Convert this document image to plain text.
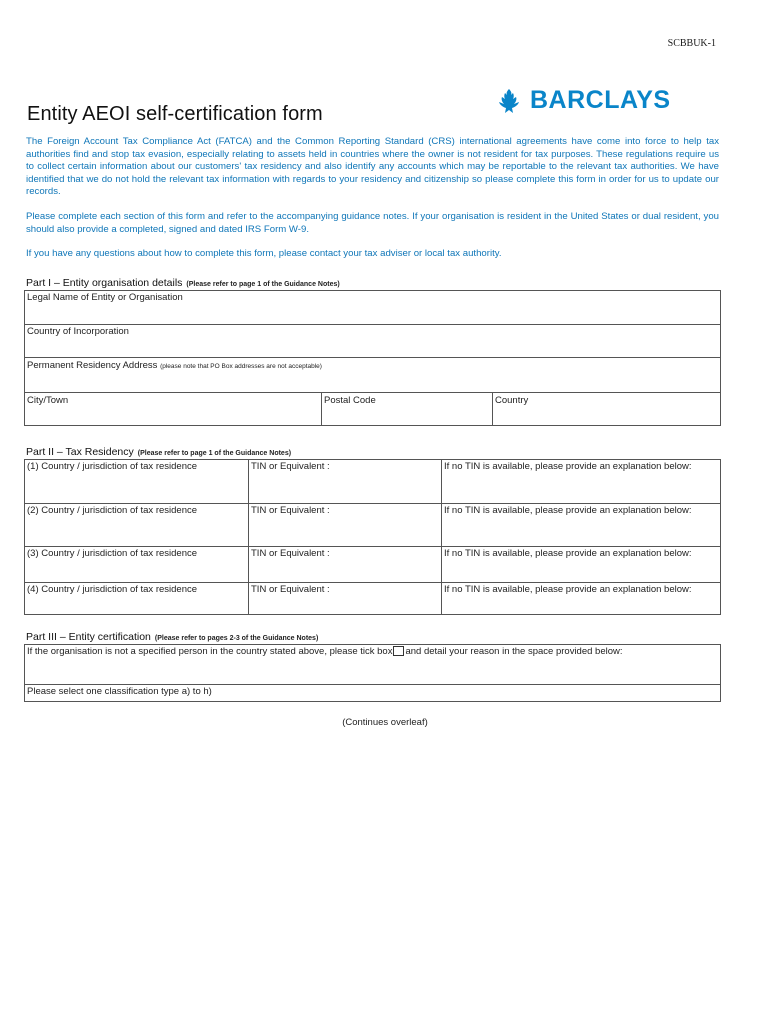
SCBBUK-1
BARCLAYS
Entity AEOI self-certification form

The Foreign Account Tax Compliance Act (FATCA) and the Common Reporting Standard (CRS) international agreements have come into force to help tax authorities find and stop tax evasion, especially relating to assets held in countries where the owner is not resident for tax purposes. These regulations require us to collect certain information about our customers' tax residency and also identify any accounts which may be reportable to the relevant tax authorities. We have identified that we do not hold the relevant tax information with regards to your residency and citizenship so please complete this form in order for us to update our records.

Please complete each section of this form and refer to the accompanying guidance notes. If your organisation is resident in the United States or dual resident, you should also provide a completed, signed and dated IRS Form W-9.

If you have any questions about how to complete this form, please contact your tax adviser or local tax authority.

Part I – Entity organisation details (Please refer to page 1 of the Guidance Notes)
Legal Name of Entity or Organisation
Country of Incorporation
Permanent Residency Address (please note that PO Box addresses are not acceptable)
City/Town	Postal Code	Country
Part II – Tax Residency (Please refer to page 1 of the Guidance Notes)
(1) Country / jurisdiction of tax residence	TIN or Equivalent :	If no TIN is available, please provide an explanation below:
(2) Country / jurisdiction of tax residence	TIN or Equivalent :	If no TIN is available, please provide an explanation below:
(3) Country / jurisdiction of tax residence	TIN or Equivalent :	If no TIN is available, please provide an explanation below:
(4) Country / jurisdiction of tax residence	TIN or Equivalent :	If no TIN is available, please provide an explanation below:
Part III – Entity certification (Please refer to pages 2-3 of the Guidance Notes)
If the organisation is not a specified person in the country stated above, please tick box and detail your reason in the space provided below:
Please select one classification type a) to h)
(Continues overleaf)
